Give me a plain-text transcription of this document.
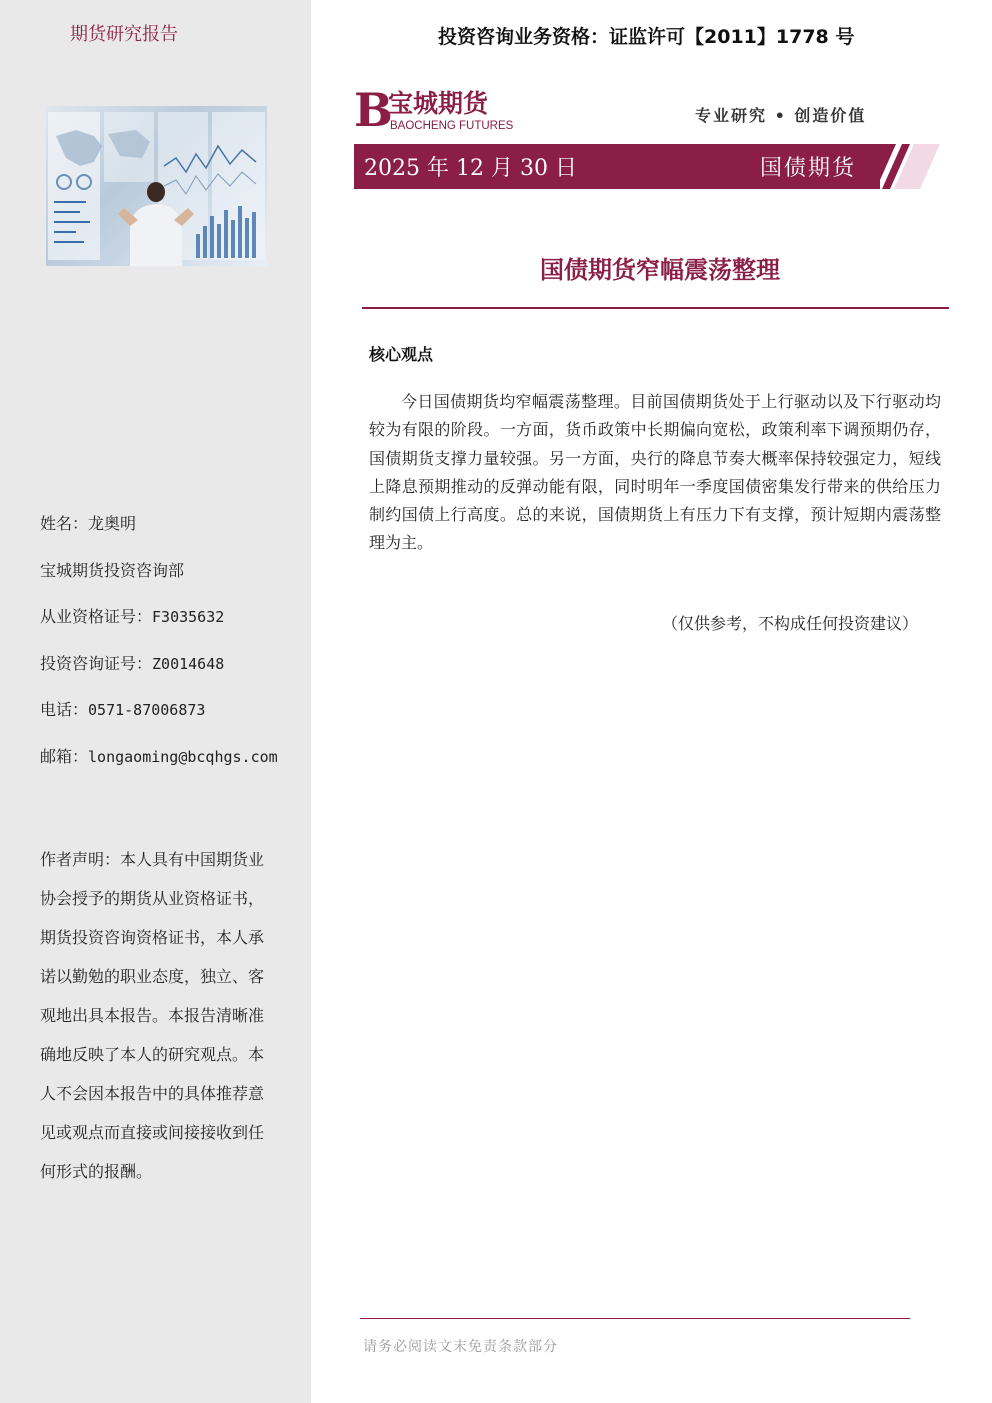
期货研究报告
姓名：龙奥明
宝城期货投资咨询部
从业资格证号：F3035632
投资咨询证号：Z0014648
电话：0571-87006873
邮箱：longaoming@bcqhgs.com
作者声明：本人具有中国期货业协会授予的期货从业资格证书，期货投资咨询资格证书，本人承诺以勤勉的职业态度，独立、客观地出具本报告。本报告清晰准确地反映了本人的研究观点。本人不会因本报告中的具体推荐意见或观点而直接或间接接收到任何形式的报酬。
投资咨询业务资格：证监许可【2011】1778 号
B
宝城期货
BAOCHENG FUTURES
专业研究 • 创造价值
2025 年 12 月 30 日	国债期货
国债期货窄幅震荡整理
核心观点
今日国债期货均窄幅震荡整理。目前国债期货处于上行驱动以及下行驱动均较为有限的阶段。一方面，货币政策中长期偏向宽松，政策利率下调预期仍存，国债期货支撑力量较强。另一方面，央行的降息节奏大概率保持较强定力，短线上降息预期推动的反弹动能有限，同时明年一季度国债密集发行带来的供给压力制约国债上行高度。总的来说，国债期货上有压力下有支撑，预计短期内震荡整理为主。
（仅供参考，不构成任何投资建议）
请务必阅读文末免责条款部分
